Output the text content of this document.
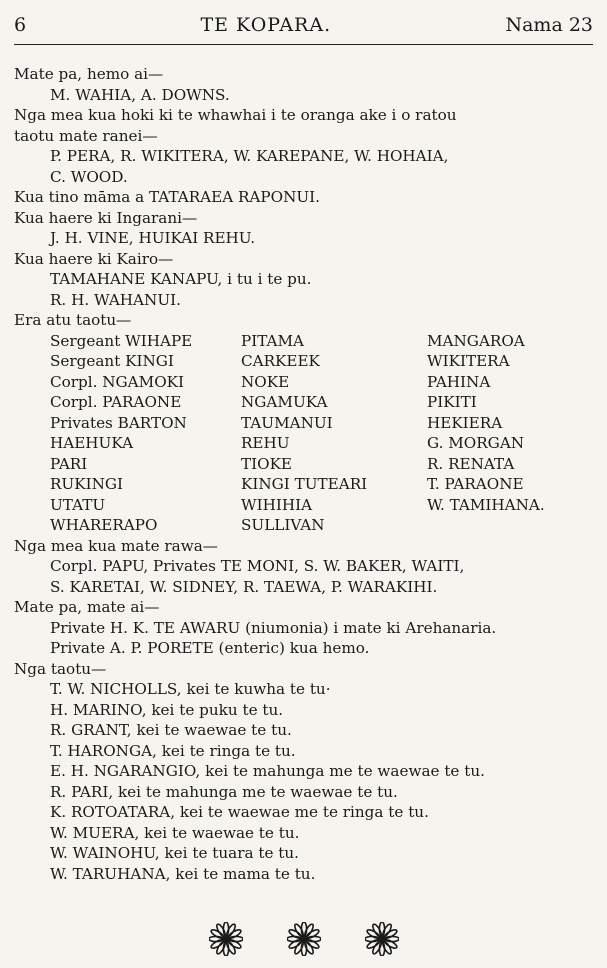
6	TE KOPARA.	Nama 23
Mate pa, hemo ai—
M. WAHIA, A. DOWNS.
Nga mea kua hoki ki te whawhai i te oranga ake i o ratou
taotu mate ranei—
P. PERA, R. WIKITERA, W. KAREPANE, W. HOHAIA,
C. WOOD.
Kua tino māma a TATARAEA RAPONUI.
Kua haere ki Ingarani—
J. H. VINE, HUIKAI REHU.
Kua haere ki Kairo—
TAMAHANE KANAPU, i tu i te pu.
R. H. WAHANUI.
Era atu taotu—
Sergeant WIHAPE	PITAMA	MANGAROA
Sergeant KINGI	CARKEEK	WIKITERA
Corpl. NGAMOKI	NOKE	PAHINA
Corpl. PARAONE	NGAMUKA	PIKITI
Privates BARTON	TAUMANUI	HEKIERA
HAEHUKA	REHU	G. MORGAN
PARI	TIOKE	R. RENATA
RUKINGI	KINGI TUTEARI	T. PARAONE
UTATU	WIHIHIA	W. TAMIHANA.
WHARERAPO	SULLIVAN
Nga mea kua mate rawa—
Corpl. PAPU, Privates TE MONI, S. W. BAKER, WAITI,
S. KARETAI, W. SIDNEY, R. TAEWA, P. WARAKIHI.
Mate pa, mate ai—
Private H. K. TE AWARU (niumonia) i mate ki Arehanaria.
Private A. P. PORETE (enteric) kua hemo.
Nga taotu—
T. W. NICHOLLS, kei te kuwha te tu·
H. MARINO, kei te puku te tu.
R. GRANT, kei te waewae te tu.
T. HARONGA, kei te ringa te tu.
E. H. NGARANGIO, kei te mahunga me te waewae te tu.
R. PARI, kei te mahunga me te waewae te tu.
K. ROTOATARA, kei te waewae me te ringa te tu.
W. MUERA, kei te waewae te tu.
W. WAINOHU, kei te tuara te tu.
W. TARUHANA, kei te mama te tu.
